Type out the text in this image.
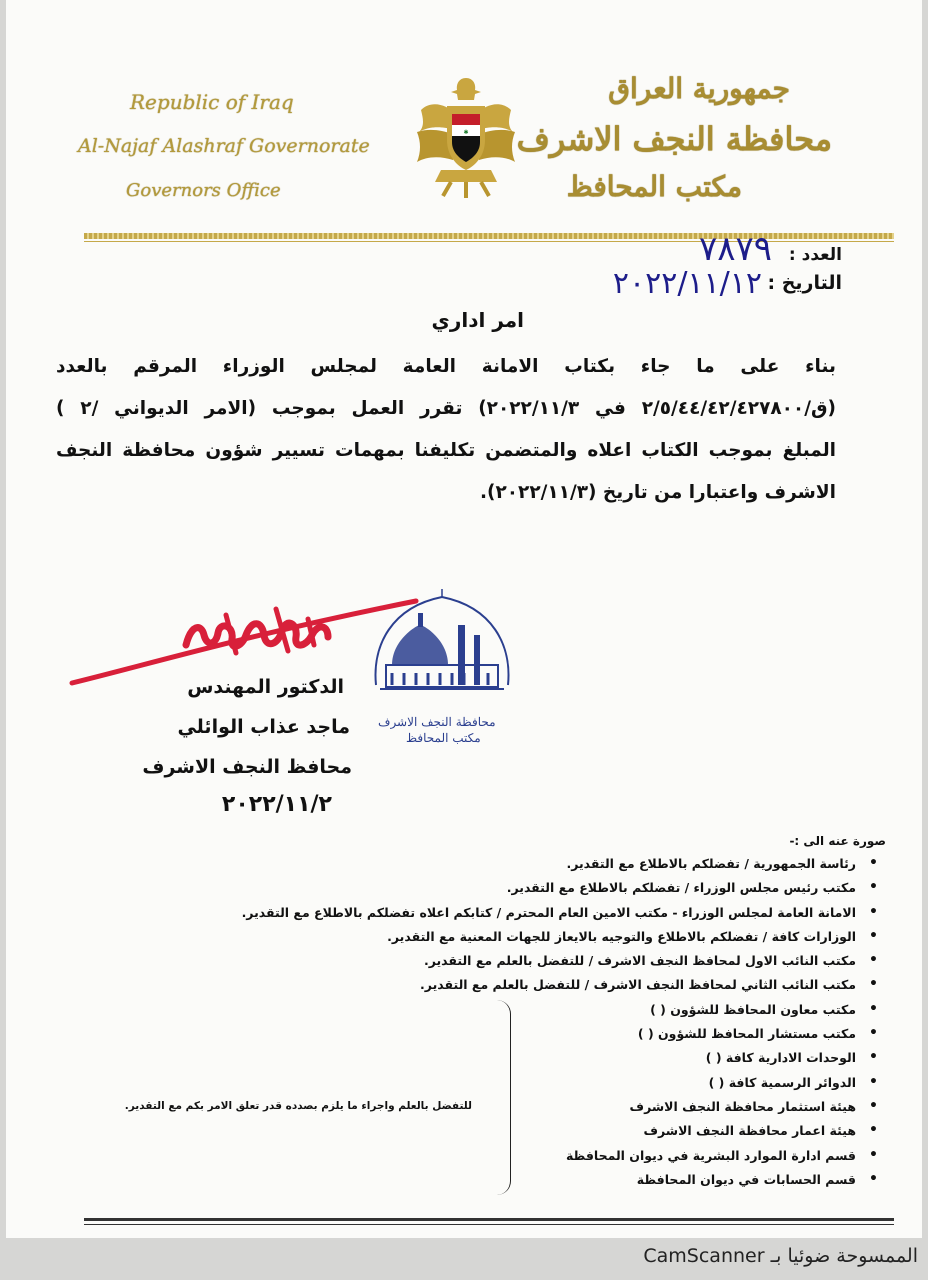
Republic of Iraq
Al-Najaf Alashraf Governorate
Governors Office
✱
جمهورية العراق
محافظة النجف الاشرف
مكتب المحافظ
العدد :
٧٨٧٩
التاريخ :
٢٠٢٢/١١/١٢
امر اداري
بناء على ما جاء بكتاب الامانة العامة لمجلس الوزراء المرقم بالعدد
(ق/٢/٥/٤٤/٤٢/٤٢٧٨٠٠ في ٢٠٢٢/١١/٣) تقرر العمل بموجب (الامر الديواني /٢ )
المبلغ بموجب الكتاب اعلاه والمتضمن تكليفنا بمهمات تسيير شؤون محافظة النجف
الاشرف واعتبارا من تاريخ (٢٠٢٢/١١/٣).
محافظة النجف الاشرف
مكتب المحافظ
الدكتور المهندس
ماجد عذاب الوائلي
محافظ النجف الاشرف
٢٠٢٢/١١/٢
صورة عنه الى :-
• رئاسة الجمهورية / تفضلكم بالاطلاع مع التقدير.
• مكتب رئيس مجلس الوزراء / تفضلكم بالاطلاع مع التقدير.
• الامانة العامة لمجلس الوزراء - مكتب الامين العام المحترم / كتابكم اعلاه تفضلكم بالاطلاع مع التقدير.
• الوزارات كافة / تفضلكم بالاطلاع والتوجيه بالايعاز للجهات المعنية مع التقدير.
• مكتب النائب الاول لمحافظ النجف الاشرف / للتفضل بالعلم مع التقدير.
• مكتب النائب الثاني لمحافظ النجف الاشرف / للتفضل بالعلم مع التقدير.
• مكتب معاون المحافظ للشؤون ( )
• مكتب مستشار المحافظ للشؤون ( )
• الوحدات الادارية كافة ( )
• الدوائر الرسمية كافة ( )
• هيئة استثمار محافظة النجف الاشرف
• هيئة اعمار محافظة النجف الاشرف
• قسم ادارة الموارد البشرية في ديوان المحافظة
• قسم الحسابات في ديوان المحافظة
للتفضل بالعلم واجراء ما يلزم بصدده قدر تعلق الامر بكم مع التقدير.
الممسوحة ضوئيا بـ CamScanner
